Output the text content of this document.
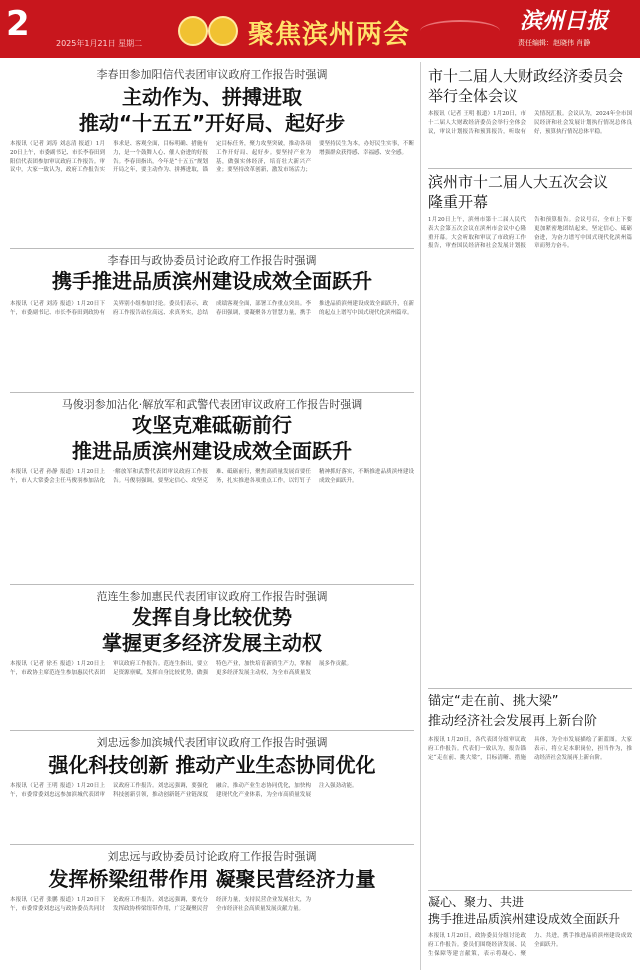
2	2025年1月21日 星期二	聚焦滨州两会	滨州日报
责任编辑：赵晓伟 肖静
李春田参加阳信代表团审议政府工作报告时强调
主动作为、拼搏进取
推动“十五五”开好局、起好步
本报讯（记者 刘涛 刘志清 报道）1月20日上午，市委副书记、市长李春田到阳信代表团参加审议政府工作报告。审议中，大家一致认为，政府工作报告实事求是、客观全面，目标明确、措施有力，是一个鼓舞人心、催人奋进的好报告。李春田指出，今年是“十五五”规划开局之年，要主动作为、拼搏进取，锚定目标任务，聚力攻坚突破，推动各项工作开好局、起好步。要坚持产业为基，做强实体经济，培育壮大新兴产业；要坚持改革创新，激发市场活力；要坚持民生为本，办好民生实事，不断增强群众获得感、幸福感、安全感。
李春田与政协委员讨论政府工作报告时强调
携手推进品质滨州建设成效全面跃升
本报讯（记者 刘涛 报道）1月20日下午，市委副书记、市长李春田到政协有关界别小组参加讨论。委员们表示，政府工作报告站位高远、求真务实，总结成绩客观全面，部署工作重点突出。李春田强调，要凝聚各方智慧力量，携手推进品质滨州建设成效全面跃升，在新的起点上谱写中国式现代化滨州篇章。
马俊羽参加沾化·解放军和武警代表团审议政府工作报告时强调
攻坚克难砥砺前行
推进品质滨州建设成效全面跃升
本报讯（记者 孙静 报道）1月20日上午，市人大常委会主任马俊羽参加沾化·解放军和武警代表团审议政府工作报告。马俊羽强调，要坚定信心、攻坚克难、砥砺前行，聚焦高质量发展首要任务，扎实推进各项重点工作，以钉钉子精神抓好落实，不断推进品质滨州建设成效全面跃升。
范连生参加惠民代表团审议政府工作报告时强调
发挥自身比较优势
掌握更多经济发展主动权
本报讯（记者 徐丕 报道）1月20日上午，市政协主席范连生参加惠民代表团审议政府工作报告。范连生指出，要立足资源禀赋，发挥自身比较优势，做强特色产业，加快培育新质生产力，掌握更多经济发展主动权，为全市高质量发展多作贡献。
刘忠远参加滨城代表团审议政府工作报告时强调
强化科技创新 推动产业生态协同优化
本报讯（记者 王明 报道）1月20日上午，市委常委刘忠远参加滨城代表团审议政府工作报告。刘忠远强调，要强化科技创新引领，推动创新链产业链深度融合，推动产业生态协同优化，加快构建现代化产业体系，为全市高质量发展注入强劲动能。
刘忠远与政协委员讨论政府工作报告时强调
发挥桥梁纽带作用 凝聚民营经济力量
本报讯（记者 张鹏 报道）1月20日下午，市委常委刘忠远与政协委员共同讨论政府工作报告。刘忠远强调，要充分发挥政协桥梁纽带作用，广泛凝聚民营经济力量，支持民营企业发展壮大，为全市经济社会高质量发展贡献力量。
市十二届人大财政经济委员会
举行全体会议
本报讯（记者 王明 报道）1月20日，市十二届人大财政经济委员会举行全体会议，审议计划报告和预算报告，听取有关情况汇报。会议认为，2024年全市国民经济和社会发展计划执行情况总体良好，预算执行情况总体平稳。
滨州市十二届人大五次会议
隆重开幕
1月20日上午，滨州市第十二届人民代表大会第五次会议在滨州市会议中心隆重开幕。大会听取和审议了市政府工作报告，审查国民经济和社会发展计划报告和预算报告。会议号召，全市上下要更加紧密地团结起来，坚定信心、砥砺奋进，为奋力谱写中国式现代化滨州篇章而努力奋斗。
锚定“走在前、挑大梁”
推动经济社会发展再上新台阶
本报讯 1月20日，各代表团分组审议政府工作报告。代表们一致认为，报告锚定“走在前、挑大梁”，目标清晰、措施具体，为全市发展描绘了新蓝图。大家表示，将立足本职岗位，担当作为，推动经济社会发展再上新台阶。
凝心、聚力、共进
携手推进品质滨州建设成效全面跃升
本报讯 1月20日，政协委员分组讨论政府工作报告。委员们围绕经济发展、民生保障等建言献策，表示将凝心、聚力、共进，携手推进品质滨州建设成效全面跃升。
